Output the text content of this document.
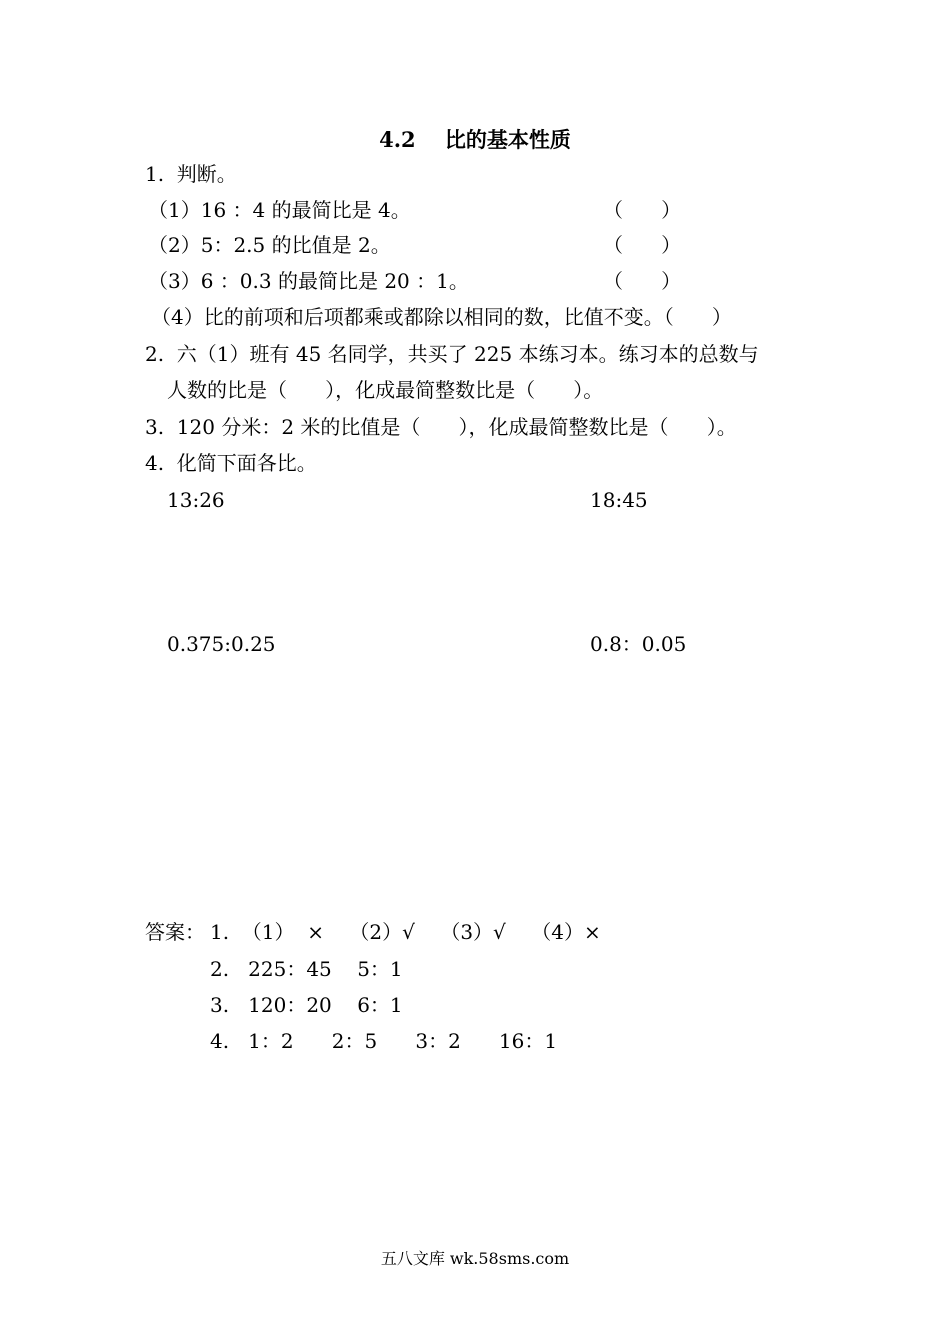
4.2    比的基本性质
1.  判断。
（1）16 ：4 的最简比是 4。	（      ）
（2）5：2.5 的比值是 2。	（      ）
（3）6 ：0.3 的最简比是 20 ：1。	（      ）
（4）比的前项和后项都乘或都除以相同的数，比值不变。（      ）
2.  六（1）班有 45 名同学，共买了 225 本练习本。练习本的总数与
人数的比是（      ），化成最简整数比是（      ）。
3.  120 分米：2 米的比值是（      ），化成最简整数比是（      ）。
4.  化简下面各比。
13:26	18:45
0.375:0.25	0.8：0.05
答案： 1.  （1）  ×    （2）√    （3）√    （4）×
2.   225：45    5：1
3.   120：20    6：1
4.   1：2      2：5      3：2      16：1
五八文库 wk.58sms.com
